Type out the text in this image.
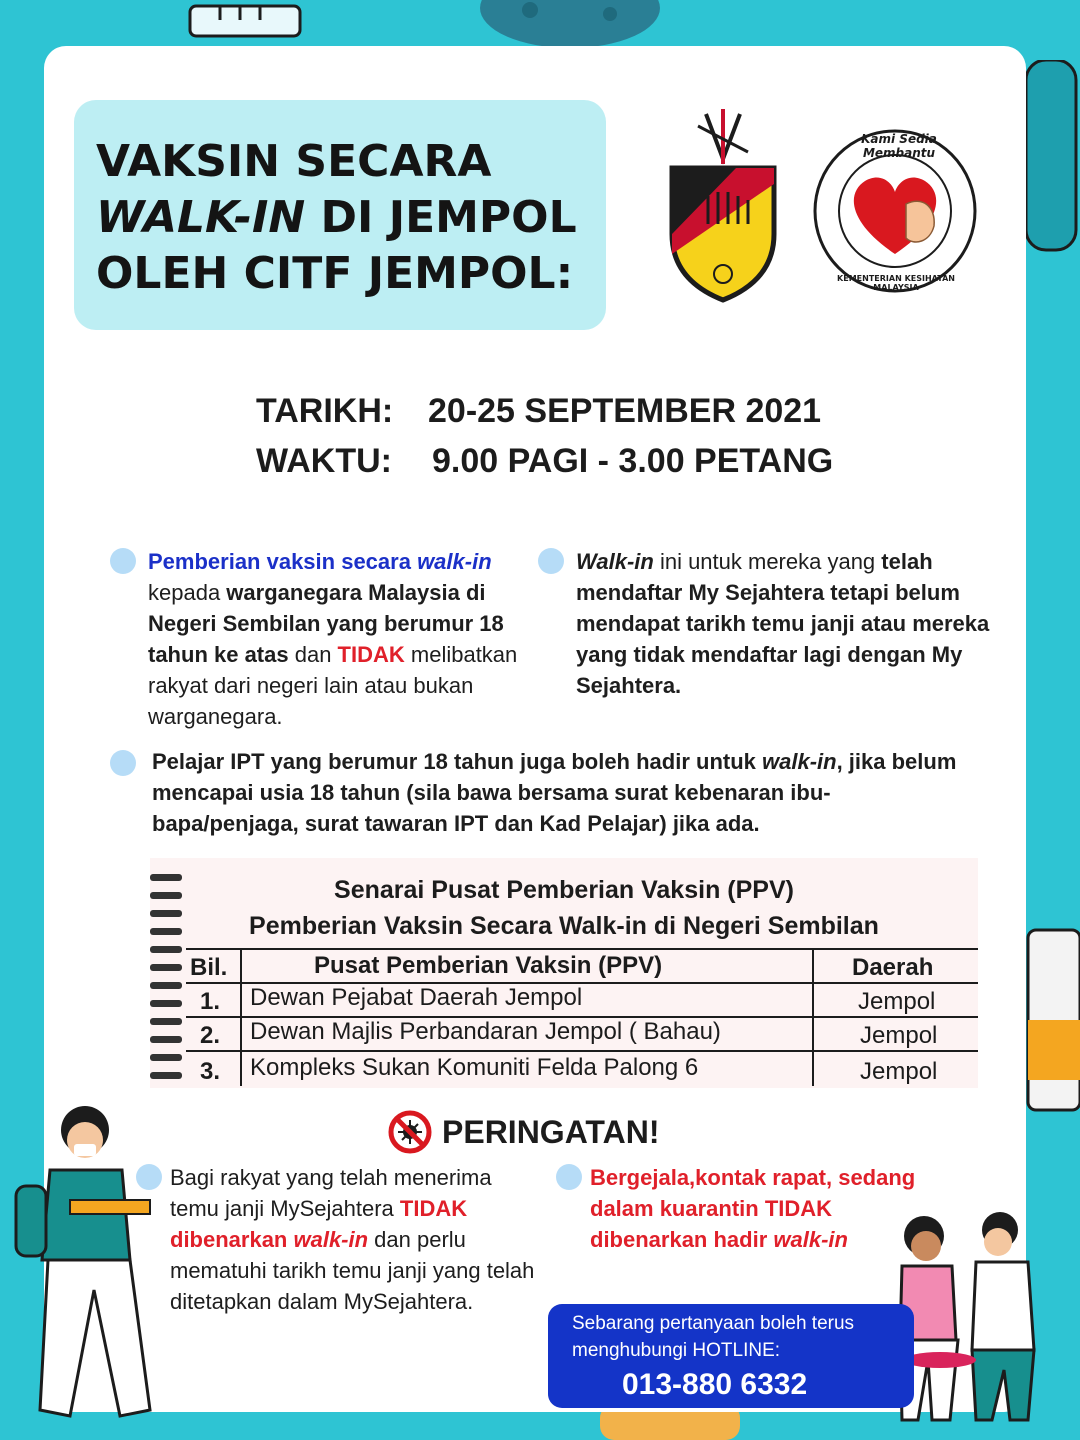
VAKSIN SECARA
WALK-IN DI JEMPOL
OLEH CITF JEMPOL:
Kami Sedia Membantu
KEMENTERIAN KESIHATAN MALAYSIA
TARIKH:	20-25 SEPTEMBER 2021
WAKTU:	9.00 PAGI - 3.00 PETANG
Pemberian vaksin secara walk-in
kepada warganegara Malaysia di Negeri Sembilan yang berumur 18 tahun ke atas dan TIDAK melibatkan rakyat dari negeri lain atau bukan warganegara.
Walk-in ini untuk mereka yang telah mendaftar My Sejahtera tetapi belum mendapat tarikh temu janji atau mereka yang tidak mendaftar lagi dengan My Sejahtera.
Pelajar IPT yang berumur 18 tahun juga boleh hadir untuk walk-in, jika belum mencapai usia 18 tahun (sila bawa bersama surat kebenaran ibu-bapa/penjaga, surat tawaran IPT dan Kad Pelajar) jika ada.
Senarai Pusat Pemberian Vaksin (PPV)
Pemberian Vaksin Secara Walk-in di Negeri Sembilan
Bil.	Pusat Pemberian Vaksin (PPV)	Daerah
1. Dewan Pejabat Daerah Jempol	Jempol
2. Dewan Majlis Perbandaran Jempol ( Bahau)	Jempol
3. Kompleks Sukan Komuniti Felda Palong 6	Jempol
PERINGATAN!
Bagi rakyat yang telah menerima temu janji MySejahtera TIDAK dibenarkan walk-in dan perlu mematuhi tarikh temu janji yang telah ditetapkan dalam MySejahtera.
Bergejala,kontak rapat, sedang dalam kuarantin TIDAK dibenarkan hadir walk-in
Sebarang pertanyaan boleh terus menghubungi HOTLINE:
013-880 6332
